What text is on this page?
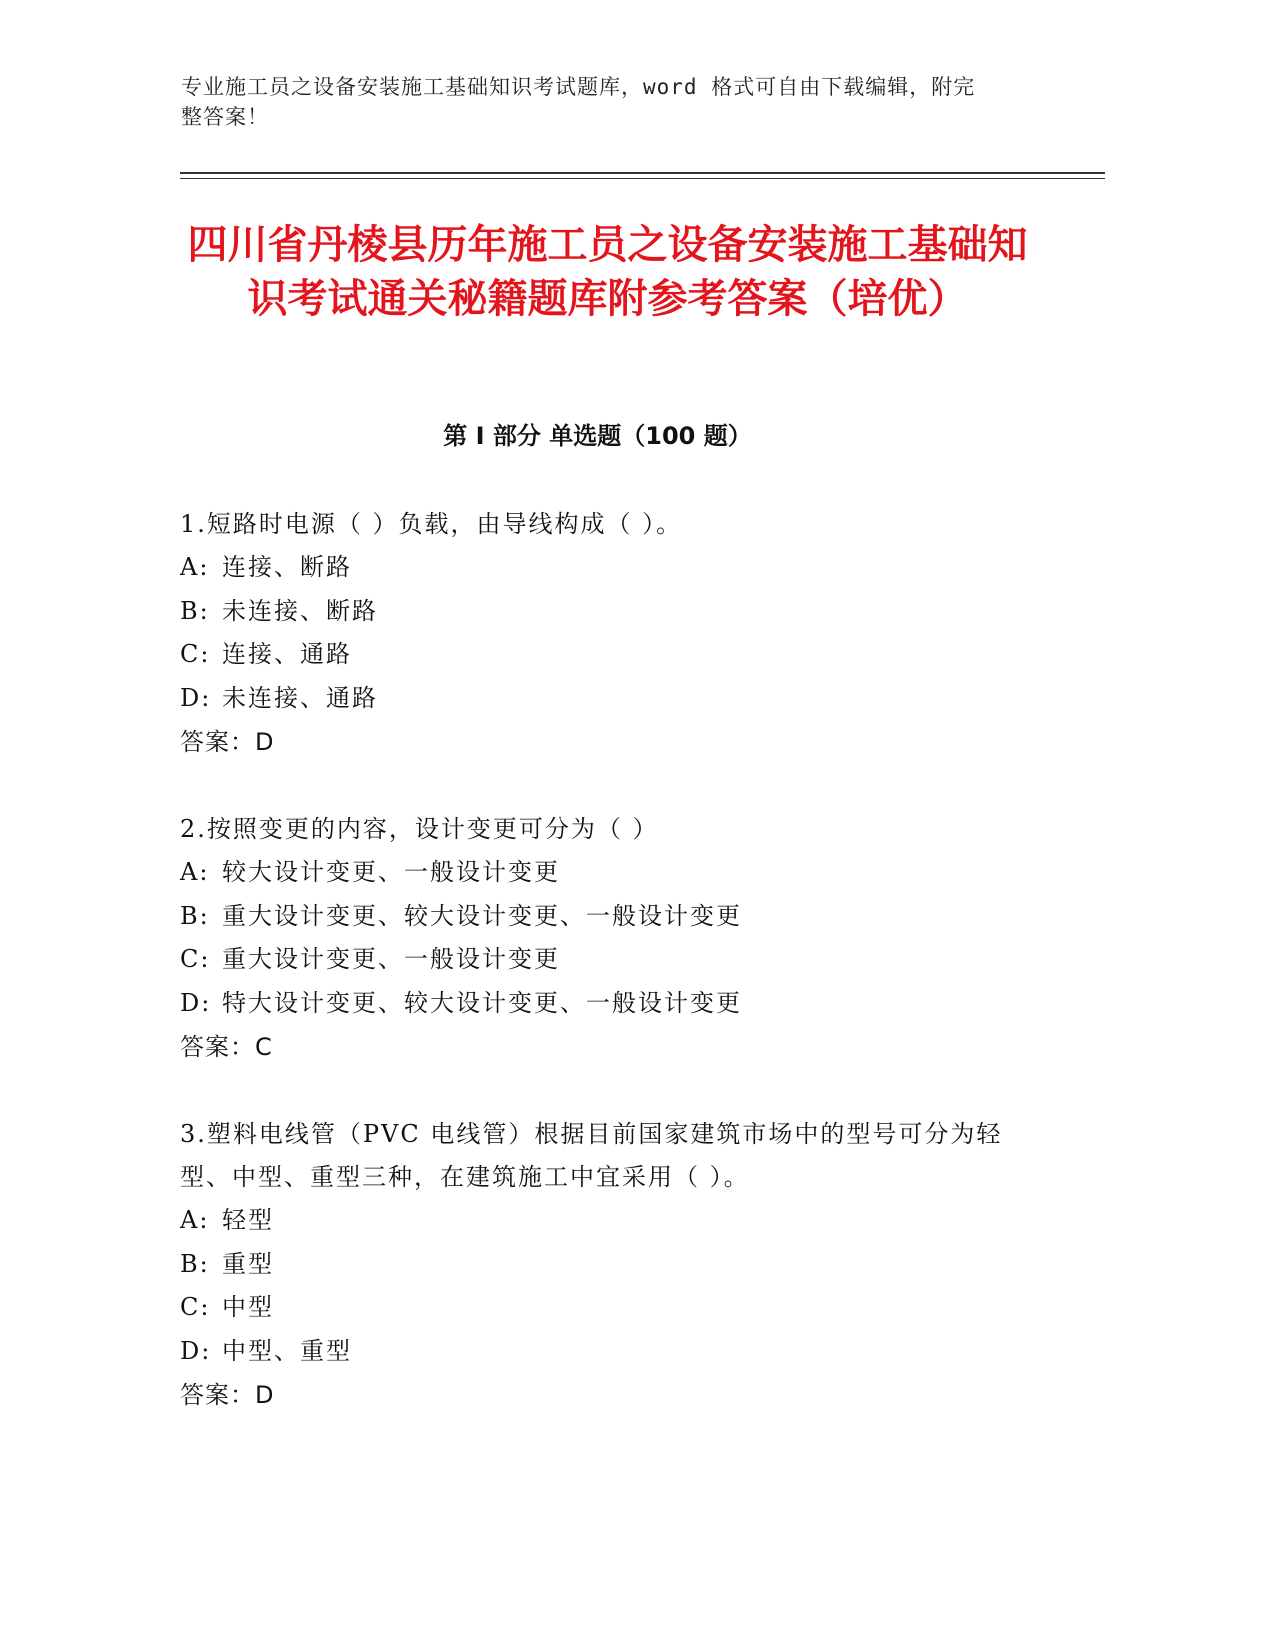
专业施工员之设备安装施工基础知识考试题库，word 格式可自由下载编辑，附完
整答案！
四川省丹棱县历年施工员之设备安装施工基础知识考试通关秘籍题库附参考答案（培优）
第 I 部分 单选题（100 题）

1.短路时电源（ ）负载，由导线构成（ ）。

A: 连接、断路

B: 未连接、断路

C: 连接、通路

D: 未连接、通路

答案：D

2.按照变更的内容，设计变更可分为（ ）

A: 较大设计变更、一般设计变更

B: 重大设计变更、较大设计变更、一般设计变更

C: 重大设计变更、一般设计变更

D: 特大设计变更、较大设计变更、一般设计变更

答案：C

3.塑料电线管（PVC 电线管）根据目前国家建筑市场中的型号可分为轻型、中型、重型三种，在建筑施工中宜采用（ ）。

A: 轻型

B: 重型

C: 中型

D: 中型、重型

答案：D
